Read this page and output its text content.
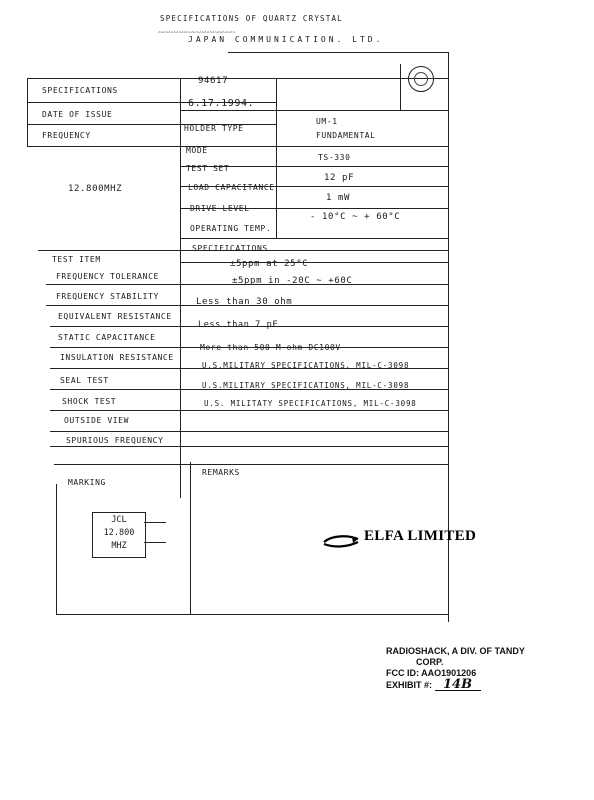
SPECIFICATIONS OF QUARTZ CRYSTAL
‸‸‸‸‸‸‸‸‸‸‸‸‸‸‸‸‸‸‸‸‸‸‸‸‸‸‸‸‸‸
JAPAN COMMUNICATION. LTD.
SPECIFICATIONS
94617
DATE OF ISSUE
6.17.1994.
FREQUENCY
12.800MHZ
HOLDER TYPE
UM-1
MODE
FUNDAMENTAL
TEST SET
TS-330
LOAD CAPACITANCE
12 pF
DRIVE LEVEL
1 mW
OPERATING TEMP.
- 10°C ~ + 60°C
TEST ITEM
SPECIFICATIONS
FREQUENCY TOLERANCE
±5ppm at 25°C
FREQUENCY STABILITY
±5ppm in -20C ~ +60C
EQUIVALENT RESISTANCE
Less than 30 ohm
STATIC CAPACITANCE
Less than 7 pF
INSULATION RESISTANCE
More than 500 M ohm DC100V
SEAL TEST
U.S.MILITARY SPECIFICATIONS, MIL-C-3098
SHOCK TEST
U.S.MILITARY SPECIFICATIONS, MIL-C-3098
OUTSIDE VIEW
U.S. MILITATY SPECIFICATIONS, MIL-C-3098
SPURIOUS FREQUENCY
MARKING
REMARKS
JCL
12.800
MHZ
ELFA LIMITED
RADIOSHACK, A DIV. OF TANDY
CORP.
FCC ID: AAO1901206
EXHIBIT #: 14B
